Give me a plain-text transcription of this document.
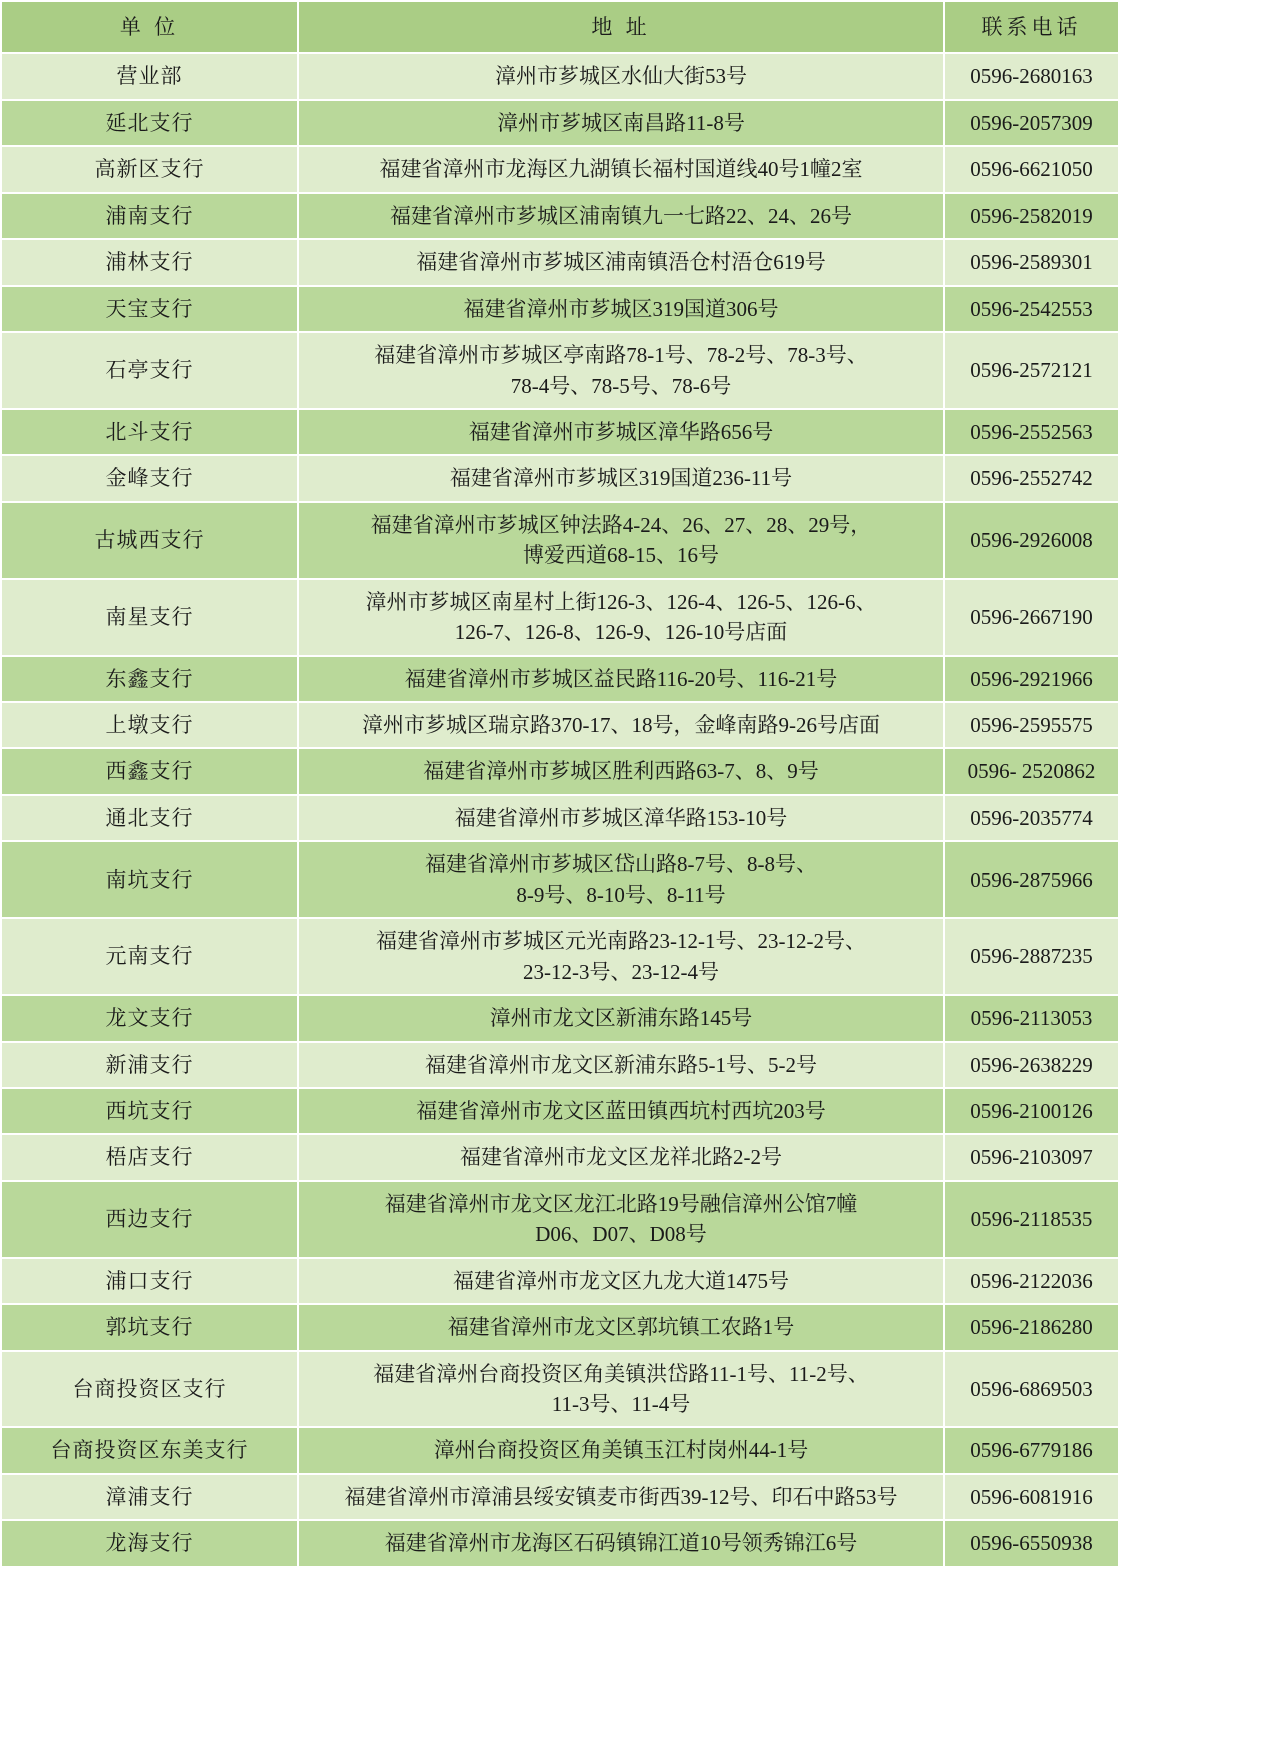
单 位	地 址	联系电话
营业部	漳州市芗城区水仙大街53号	0596-2680163
延北支行	漳州市芗城区南昌路11-8号	0596-2057309
高新区支行	福建省漳州市龙海区九湖镇长福村国道线40号1幢2室	0596-6621050
浦南支行	福建省漳州市芗城区浦南镇九一七路22、24、26号	0596-2582019
浦林支行	福建省漳州市芗城区浦南镇浯仓村浯仓619号	0596-2589301
天宝支行	福建省漳州市芗城区319国道306号	0596-2542553
石亭支行	福建省漳州市芗城区亭南路78-1号、78-2号、78-3号、
78-4号、78-5号、78-6号	0596-2572121
北斗支行	福建省漳州市芗城区漳华路656号	0596-2552563
金峰支行	福建省漳州市芗城区319国道236-11号	0596-2552742
古城西支行	福建省漳州市芗城区钟法路4-24、26、27、28、29号，
博爱西道68-15、16号	0596-2926008
南星支行	漳州市芗城区南星村上街126-3、126-4、126-5、126-6、
126-7、126-8、126-9、126-10号店面	0596-2667190
东鑫支行	福建省漳州市芗城区益民路116-20号、116-21号	0596-2921966
上墩支行	漳州市芗城区瑞京路370-17、18号，金峰南路9-26号店面	0596-2595575
西鑫支行	福建省漳州市芗城区胜利西路63-7、8、9号	0596- 2520862
通北支行	福建省漳州市芗城区漳华路153-10号	0596-2035774
南坑支行	福建省漳州市芗城区岱山路8-7号、8-8号、
8-9号、8-10号、8-11号	0596-2875966
元南支行	福建省漳州市芗城区元光南路23-12-1号、23-12-2号、
23-12-3号、23-12-4号	0596-2887235
龙文支行	漳州市龙文区新浦东路145号	0596-2113053
新浦支行	福建省漳州市龙文区新浦东路5-1号、5-2号	0596-2638229
西坑支行	福建省漳州市龙文区蓝田镇西坑村西坑203号	0596-2100126
梧店支行	福建省漳州市龙文区龙祥北路2-2号	0596-2103097
西边支行	福建省漳州市龙文区龙江北路19号融信漳州公馆7幢
D06、D07、D08号	0596-2118535
浦口支行	福建省漳州市龙文区九龙大道1475号	0596-2122036
郭坑支行	福建省漳州市龙文区郭坑镇工农路1号	0596-2186280
台商投资区支行	福建省漳州台商投资区角美镇洪岱路11-1号、11-2号、
11-3号、11-4号	0596-6869503
台商投资区东美支行	漳州台商投资区角美镇玉江村岗州44-1号	0596-6779186
漳浦支行	福建省漳州市漳浦县绥安镇麦市街西39-12号、印石中路53号	0596-6081916
龙海支行	福建省漳州市龙海区石码镇锦江道10号领秀锦江6号	0596-6550938
